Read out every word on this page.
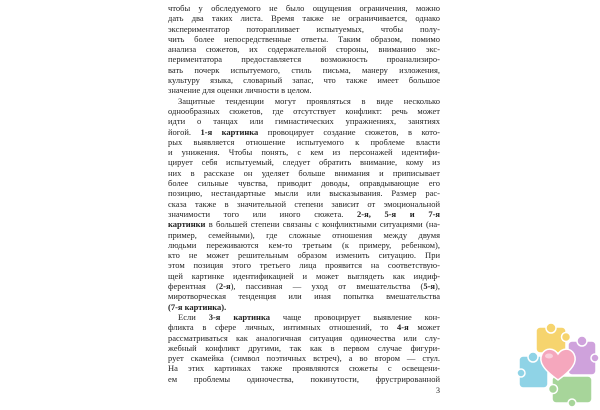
чтобы у обследуемого не было ощущения ограничения, можно
дать два таких листа. Время также не ограничивается, однако
экспериментатор поторапливает испытуемых, чтобы полу-
чить более непосредственные ответы. Таким образом, помимо
анализа сюжетов, их содержательной стороны, вниманию экс-
периментатора предоставляется возможность проанализиро-
вать почерк испытуемого, стиль письма, манеру изложения,
культуру языка, словарный запас, что также имеет большое
значение для оценки личности в целом.
Защитные тенденции могут проявляться в виде несколько
однообразных сюжетов, где отсутствует конфликт: речь может
идти о танцах или гимнастических упражнениях, занятиях
йогой. 1-я картинка провоцирует создание сюжетов, в кото-
рых выявляется отношение испытуемого к проблеме власти
и унижения. Чтобы понять, с кем из персонажей идентифи-
цирует себя испытуемый, следует обратить внимание, кому из
них в рассказе он уделяет больше внимания и приписывает
более сильные чувства, приводит доводы, оправдывающие его
позицию, нестандартные мысли или высказывания. Размер рас-
сказа также в значительной степени зависит от эмоциональной
значимости того или иного сюжета. 2-я, 5-я и 7-я
картинки в большей степени связаны с конфликтными ситуациями (на-
пример, семейными), где сложные отношения между двумя
людьми переживаются кем-то третьим (к примеру, ребенком),
кто не может решительным образом изменить ситуацию. При
этом позиция этого третьего лица проявится на соответствую-
щей картинке идентификацией и может выглядеть как индиф-
ферентная (2-я), пассивная — уход от вмешательства (5-я),
миротворческая тенденция или иная попытка вмешательства
(7-я картинка).
Если 3-я картинка чаще провоцирует выявление кон-
фликта в сфере личных, интимных отношений, то 4-я может
рассматриваться как аналогичная ситуация одиночества или слу-
жебный конфликт другими, так как в первом случае фигури-
рует скамейка (символ поэтичных встреч), а во втором — стул.
На этих картинках также проявляются сюжеты с освещени-
ем проблемы одиночества, покинутости, фрустрированной
3
